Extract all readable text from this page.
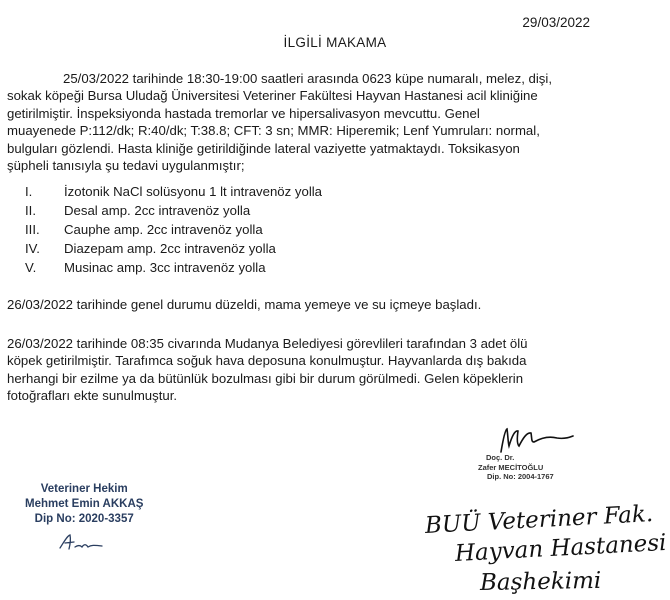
29/03/2022
İLGİLİ MAKAMA
25/03/2022 tarihinde 18:30-19:00 saatleri arasında 0623 küpe numaralı, melez, dişi,
sokak köpeği Bursa Uludağ Üniversitesi Veteriner Fakültesi Hayvan Hastanesi acil kliniğine
getirilmiştir. İnspeksiyonda hastada tremorlar ve hipersalivasyon mevcuttu. Genel
muayenede P:112/dk; R:40/dk; T:38.8; CFT: 3 sn; MMR: Hiperemik; Lenf Yumruları: normal,
bulguları gözlendi. Hasta kliniğe getirildiğinde lateral vaziyette yatmaktaydı. Toksikasyon
şüpheli tanısıyla şu tedavi uygulanmıştır;
I. İzotonik NaCl solüsyonu 1 lt intravenöz yolla
II. Desal amp. 2cc intravenöz yolla
III. Cauphe amp. 2cc intravenöz yolla
IV. Diazepam amp. 2cc intravenöz yolla
V. Musinac amp. 3cc intravenöz yolla
26/03/2022 tarihinde genel durumu düzeldi, mama yemeye ve su içmeye başladı.
26/03/2022 tarihinde 08:35 civarında Mudanya Belediyesi görevlileri tarafından 3 adet ölü
köpek getirilmiştir. Tarafımca soğuk hava deposuna konulmuştur. Hayvanlarda dış bakıda
herhangi bir ezilme ya da bütünlük bozulması gibi bir durum görülmedi. Gelen köpeklerin
fotoğrafları ekte sunulmuştur.
Veteriner Hekim
Mehmet Emin AKKAŞ
Dip No: 2020-3357
Doç. Dr.
Zafer MECİTOĞLU
Dip. No: 2004-1767
BUÜ Veteriner Fak.
Hayvan Hastanesi
Başhekimi
